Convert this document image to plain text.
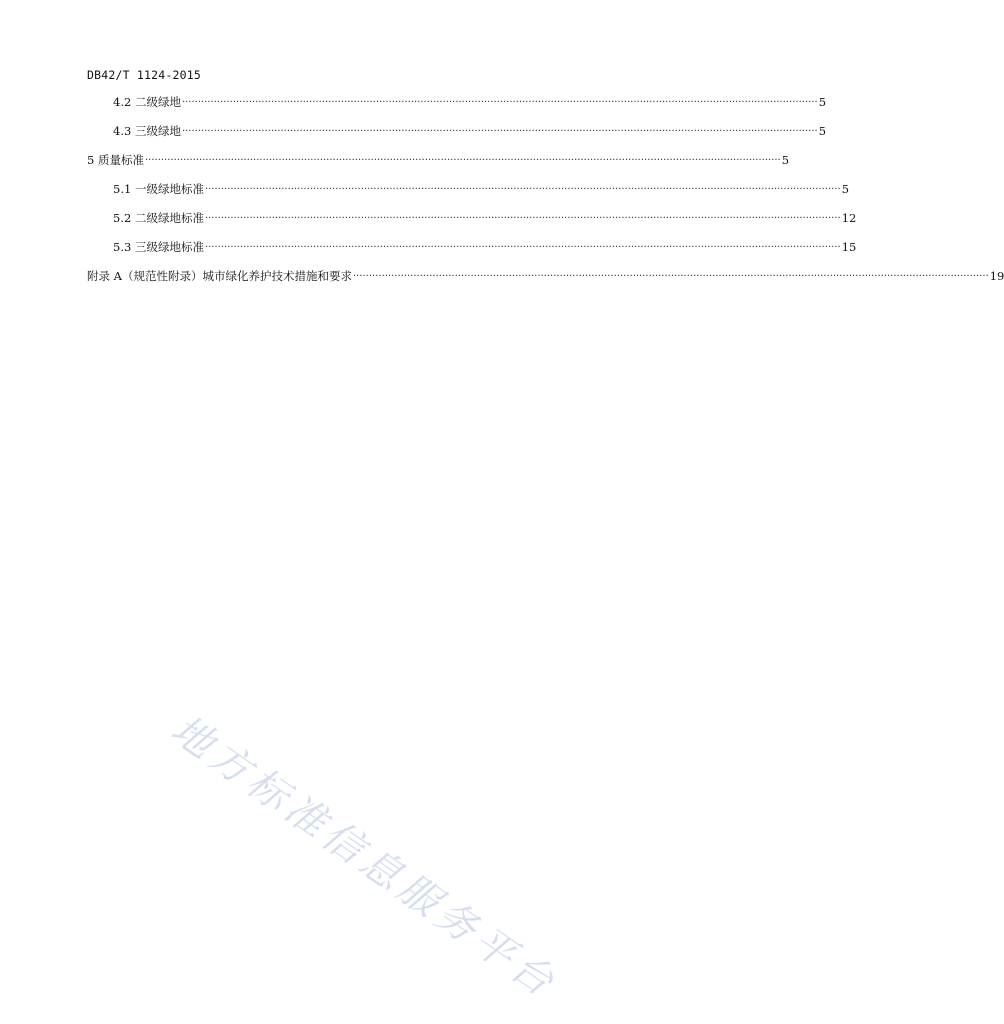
DB42/T 1124-2015
4.2 二级绿地 ········································································································································································································ 5
4.3 三级绿地 ········································································································································································································ 5
5 质量标准 ········································································································································································································ 5
5.1 一级绿地标准 ········································································································································································································ 5
5.2 二级绿地标准 ········································································································································································································ 12
5.3 三级绿地标准 ········································································································································································································ 15
附录 A（规范性附录）城市绿化养护技术措施和要求 ········································································································································································································ 19
地方标准信息服务平台
